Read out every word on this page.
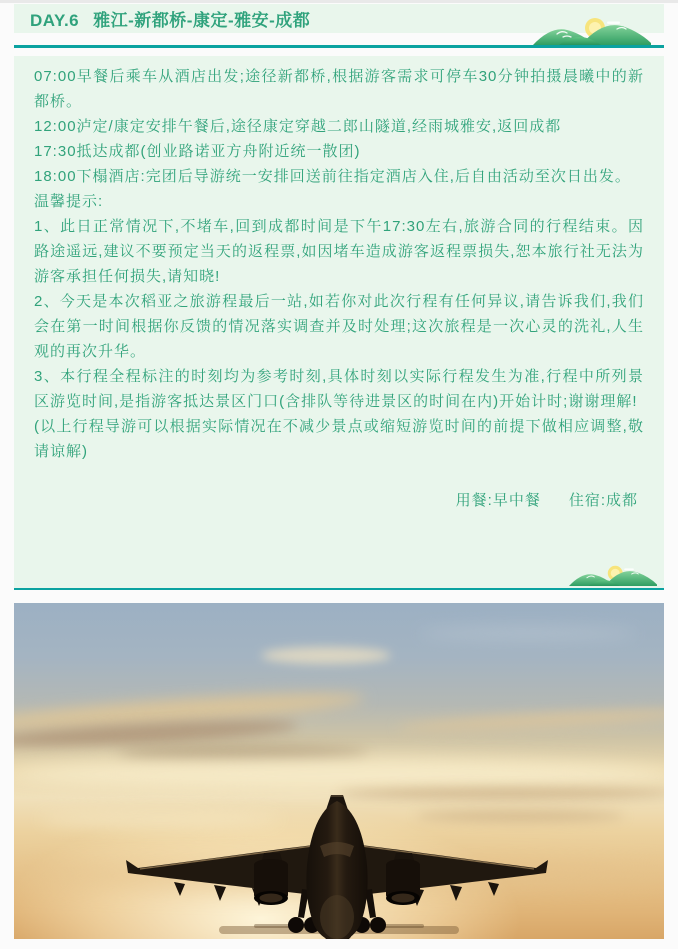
DAY.6 雅江-新都桥-康定-雅安-成都

07:00早餐后乘车从酒店出发;途径新都桥,根据游客需求可停车30分钟拍摄晨曦中的新都桥。

12:00泸定/康定安排午餐后,途径康定穿越二郎山隧道,经雨城雅安,返回成都

17:30抵达成都(创业路诺亚方舟附近统一散团)

18:00下榻酒店:完团后导游统一安排回送前往指定酒店入住,后自由活动至次日出发。

温馨提示:

1、此日正常情况下,不堵车,回到成都时间是下午17:30左右,旅游合同的行程结束。因路途遥远,建议不要预定当天的返程票,如因堵车造成游客返程票损失,恕本旅行社无法为游客承担任何损失,请知晓!

2、今天是本次稻亚之旅游程最后一站,如若你对此次行程有任何异议,请告诉我们,我们会在第一时间根据你反馈的情况落实调查并及时处理;这次旅程是一次心灵的洗礼,人生观的再次升华。

3、本行程全程标注的时刻均为参考时刻,具体时刻以实际行程发生为准,行程中所列景区游览时间,是指游客抵达景区门口(含排队等待进景区的时间在内)开始计时;谢谢理解!

(以上行程导游可以根据实际情况在不减少景点或缩短游览时间的前提下做相应调整,敬请谅解)

用餐:早中餐 住宿:成都
